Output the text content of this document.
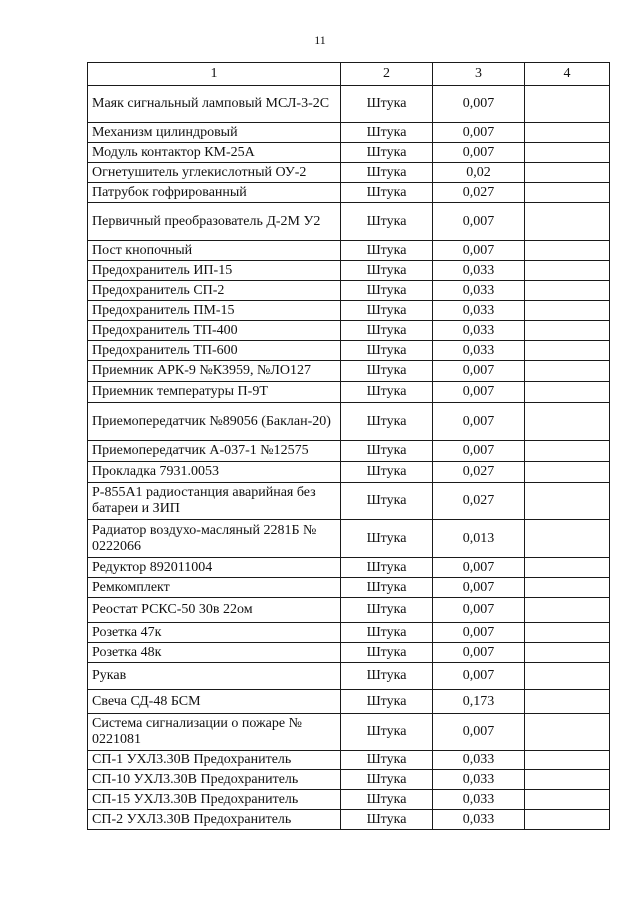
11
1	2	3	4
Маяк сигнальный ламповый МСЛ-3-2С	Штука	0,007	
Механизм цилиндровый	Штука	0,007	
Модуль контактор КМ-25А	Штука	0,007	
Огнетушитель углекислотный ОУ-2	Штука	0,02	
Патрубок гофрированный	Штука	0,027	
Первичный преобразователь Д-2М У2	Штука	0,007	
Пост кнопочный	Штука	0,007	
Предохранитель ИП-15	Штука	0,033	
Предохранитель СП-2	Штука	0,033	
Предохранитель ПМ-15	Штука	0,033	
Предохранитель ТП-400	Штука	0,033	
Предохранитель ТП-600	Штука	0,033	
Приемник АРК-9 №К3959, №ЛО127	Штука	0,007	
Приемник температуры П-9Т	Штука	0,007	
Приемопередатчик №89056 (Баклан-20)	Штука	0,007	
Приемопередатчик А-037-1 №12575	Штука	0,007	
Прокладка 7931.0053	Штука	0,027	
Р-855А1 радиостанция аварийная без батареи и ЗИП	Штука	0,027	
Радиатор воздухо-масляный 2281Б № 0222066	Штука	0,013	
Редуктор 892011004	Штука	0,007	
Ремкомплект	Штука	0,007	
Реостат РСКС-50 30в 22ом	Штука	0,007	
Розетка 47к	Штука	0,007	
Розетка 48к	Штука	0,007	
Рукав	Штука	0,007	
Свеча СД-48 БСМ	Штука	0,173	
Система сигнализации о пожаре № 0221081	Штука	0,007	
СП-1 УХЛ3.30В Предохранитель	Штука	0,033	
СП-10 УХЛ3.30В Предохранитель	Штука	0,033	
СП-15 УХЛ3.30В Предохранитель	Штука	0,033	
СП-2 УХЛ3.30В Предохранитель	Штука	0,033	
